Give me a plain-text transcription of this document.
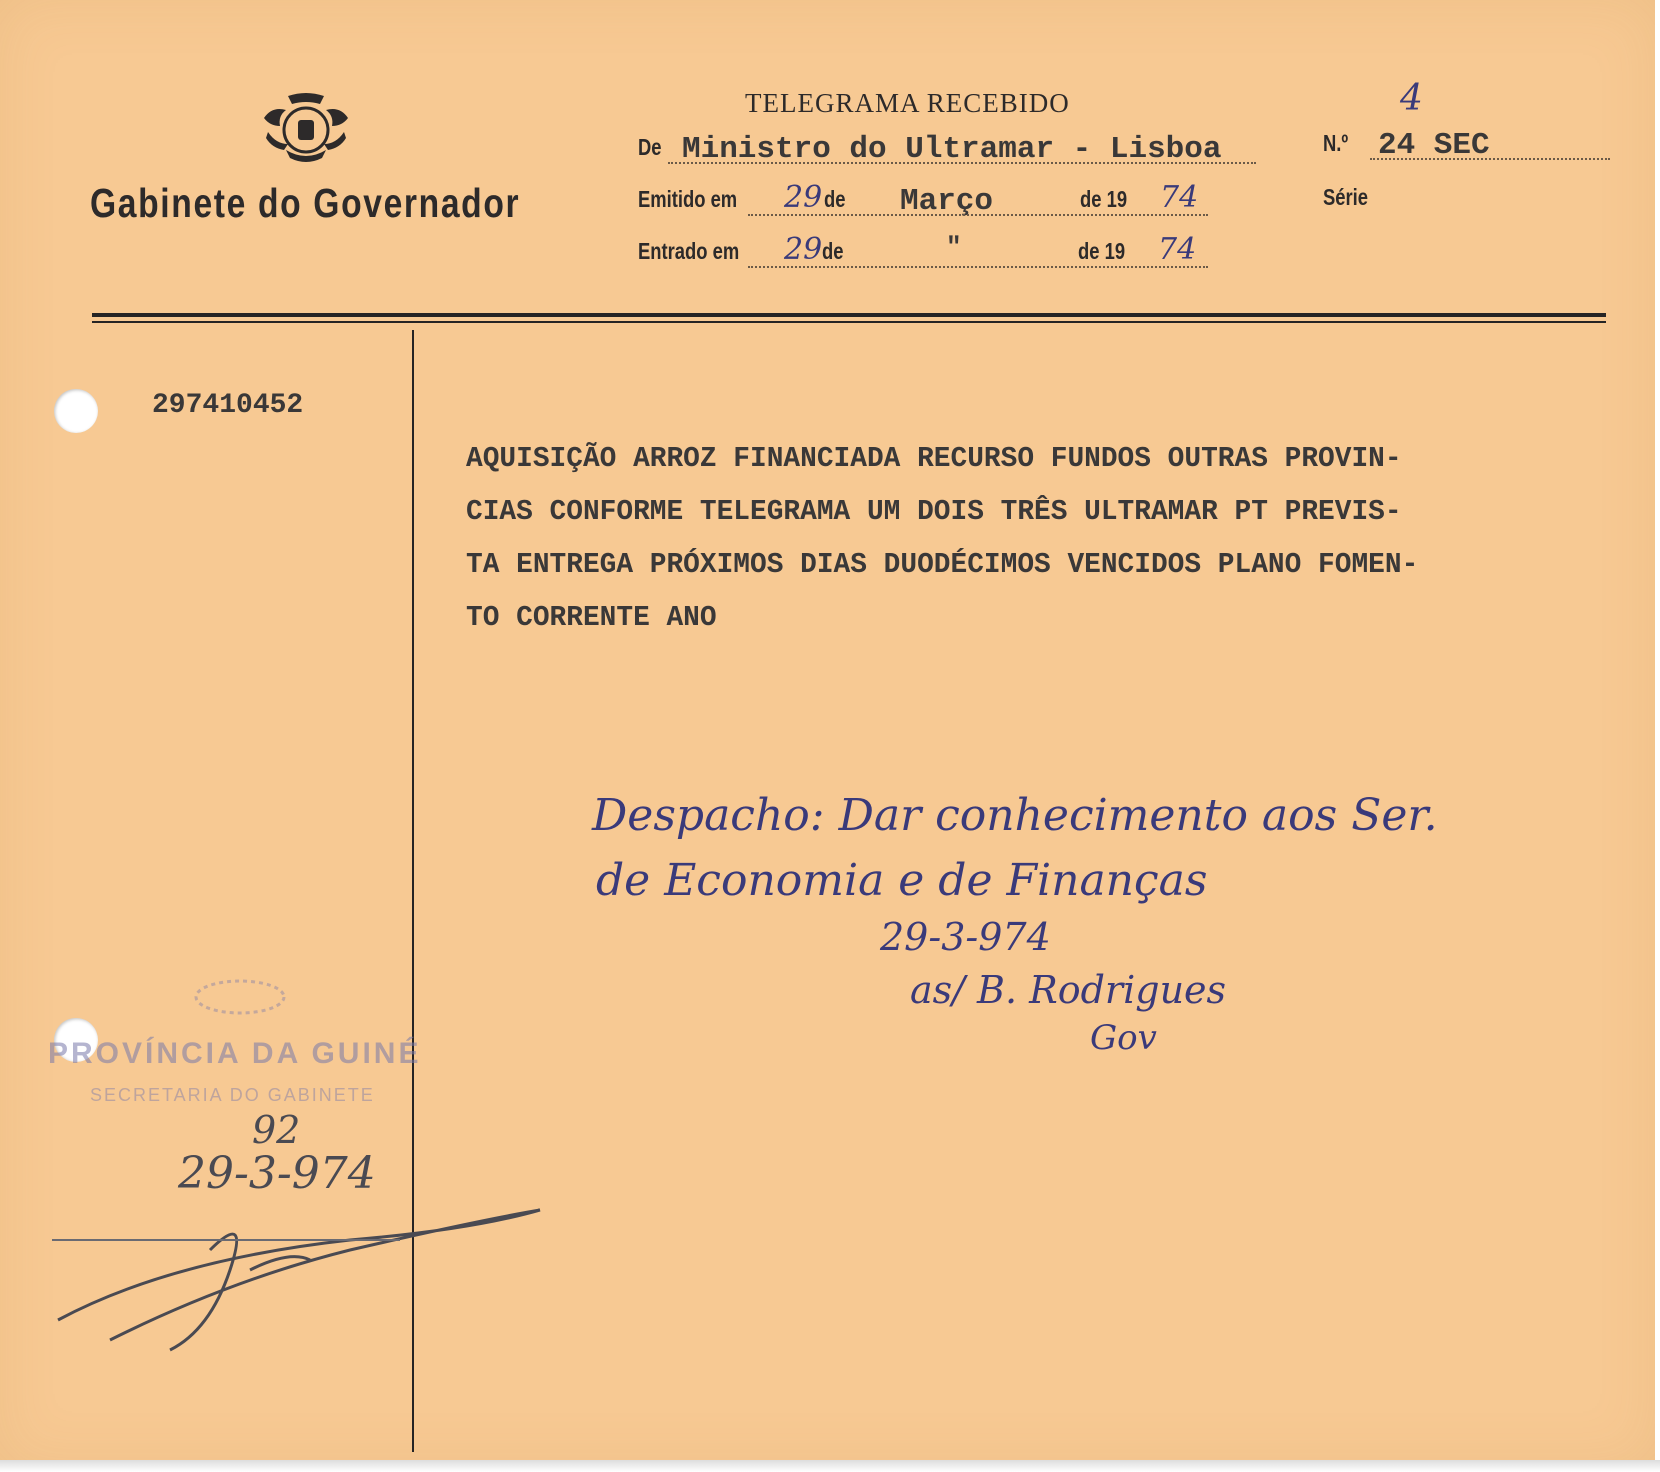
Gabinete do Governador
TELEGRAMA RECEBIDO
De Ministro do Ultramar - Lisboa	N.º 24 SEC
4
Série
Emitido em 29 de Março	de 19 74
Entrado em 29 de	"	de 19 74
297410452
AQUISIÇÃO ARROZ FINANCIADA RECURSO FUNDOS OUTRAS PROVIN-
CIAS CONFORME TELEGRAMA UM DOIS TRÊS ULTRAMAR PT PREVIS-
TA ENTREGA PRÓXIMOS DIAS DUODÉCIMOS VENCIDOS PLANO FOMEN-
TO CORRENTE ANO
Despacho: Dar conhecimento aos Ser.
de Economia e de Finanças
29-3-974
as/ B. Rodrigues
Gov
PROVÍNCIA DA GUINÉ
SECRETARIA DO GABINETE
92
29-3-974
